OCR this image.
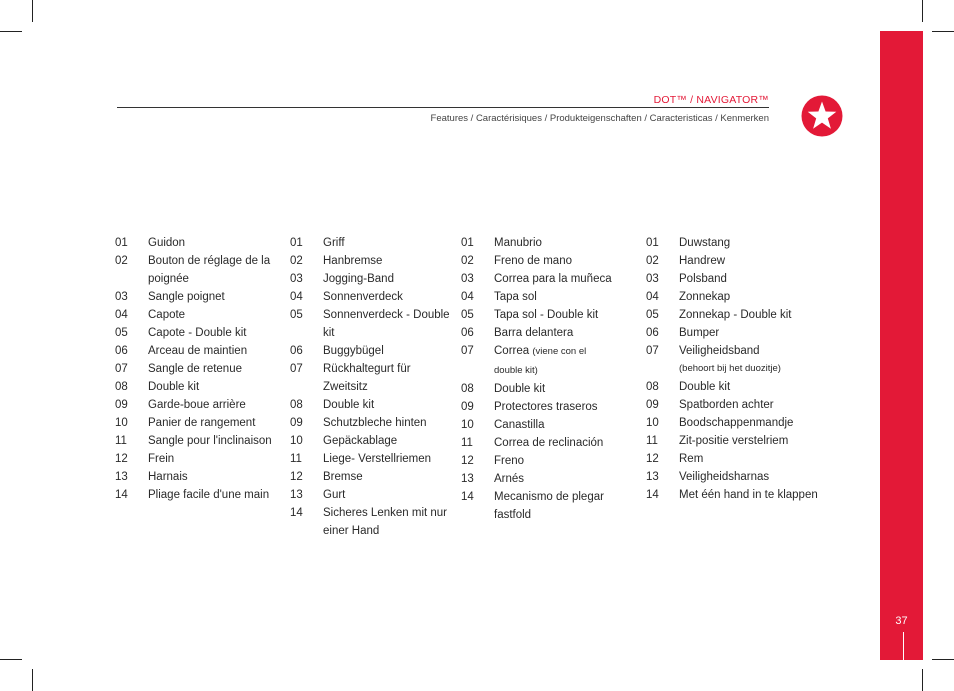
37
DOT™ / NAVIGATOR™
Features / Caractérisiques / Produkteigenschaften / Caracteristicas / Kenmerken
01	Guidon
02	Bouton de réglage de la poignée
03	Sangle poignet
04	Capote
05	Capote - Double kit
06	Arceau de maintien
07	Sangle de retenue
08	Double kit
09	Garde-boue arrière
10	Panier de rangement
11	Sangle pour l'inclinaison
12	Frein
13	Harnais
14	Pliage facile d'une main
01	Griff
02	Hanbremse
03	Jogging-Band
04	Sonnenverdeck
05	Sonnenverdeck - Double kit
06	Buggybügel
07	Rückhaltegurt für Zweitsitz
08	Double kit
09	Schutzbleche hinten
10	Gepäckablage
11	Liege- Verstellriemen
12	Bremse
13	Gurt
14	Sicheres Lenken mit nur einer Hand
01	Manubrio
02	Freno de mano
03	Correa para la muñeca
04	Tapa sol
05	Tapa sol - Double kit
06	Barra delantera
07	Correa (viene con el double kit)
08	Double kit
09	Protectores traseros
10	Canastilla
11	Correa de reclinación
12	Freno
13	Arnés
14	Mecanismo de plegar fastfold
01	Duwstang
02	Handrew
03	Polsband
04	Zonnekap
05	Zonnekap - Double kit
06	Bumper
07	Veiligheidsband
(behoort bij het duozitje)
08	Double kit
09	Spatborden achter
10	Boodschappenmandje
11	Zit-positie verstelriem
12	Rem
13	Veiligheidsharnas
14	Met één hand in te klappen
